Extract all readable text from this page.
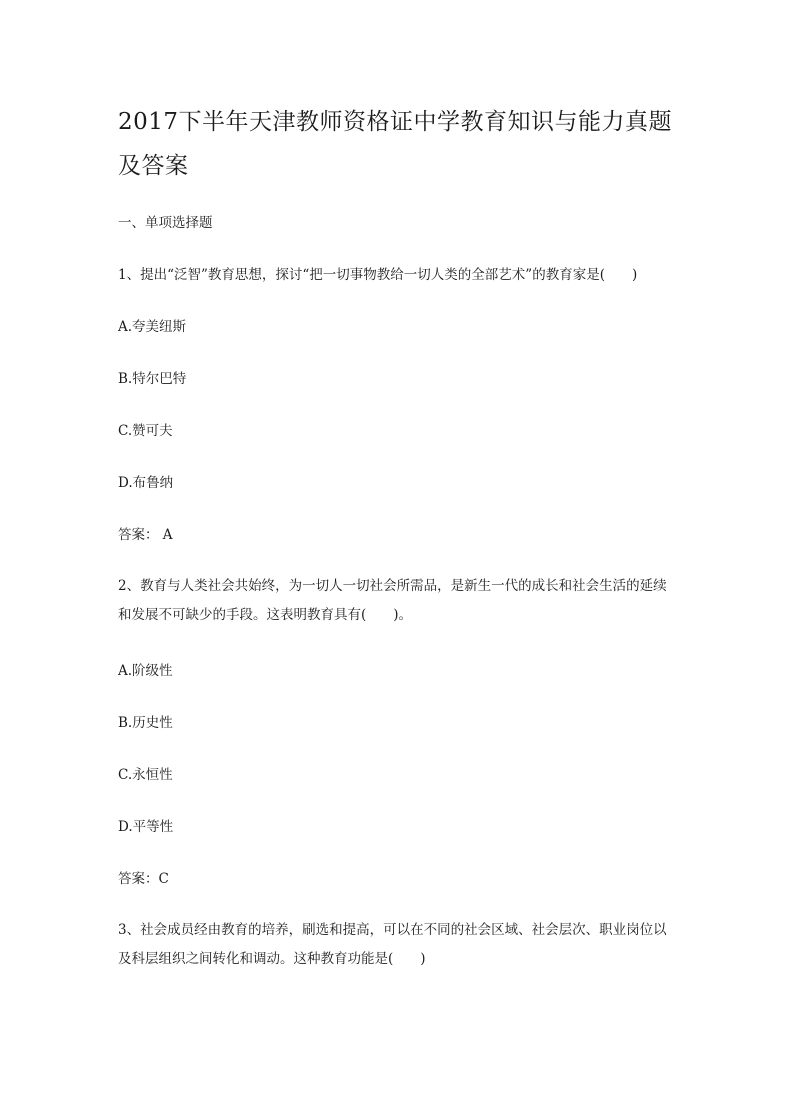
2017下半年天津教师资格证中学教育知识与能力真题及答案

一、单项选择题

1、提出“泛智”教育思想，探讨“把一切事物教给一切人类的全部艺术”的教育家是(　　)

A.夸美纽斯

B.特尔巴特

C.赞可夫

D.布鲁纳

答案： A

2、教育与人类社会共始终，为一切人一切社会所需品，是新生一代的成长和社会生活的延续和发展不可缺少的手段。这表明教育具有(　　)。

A.阶级性

B.历史性

C.永恒性

D.平等性

答案：C

3、社会成员经由教育的培养，刷选和提高，可以在不同的社会区域、社会层次、职业岗位以及科层组织之间转化和调动。这种教育功能是(　　)
